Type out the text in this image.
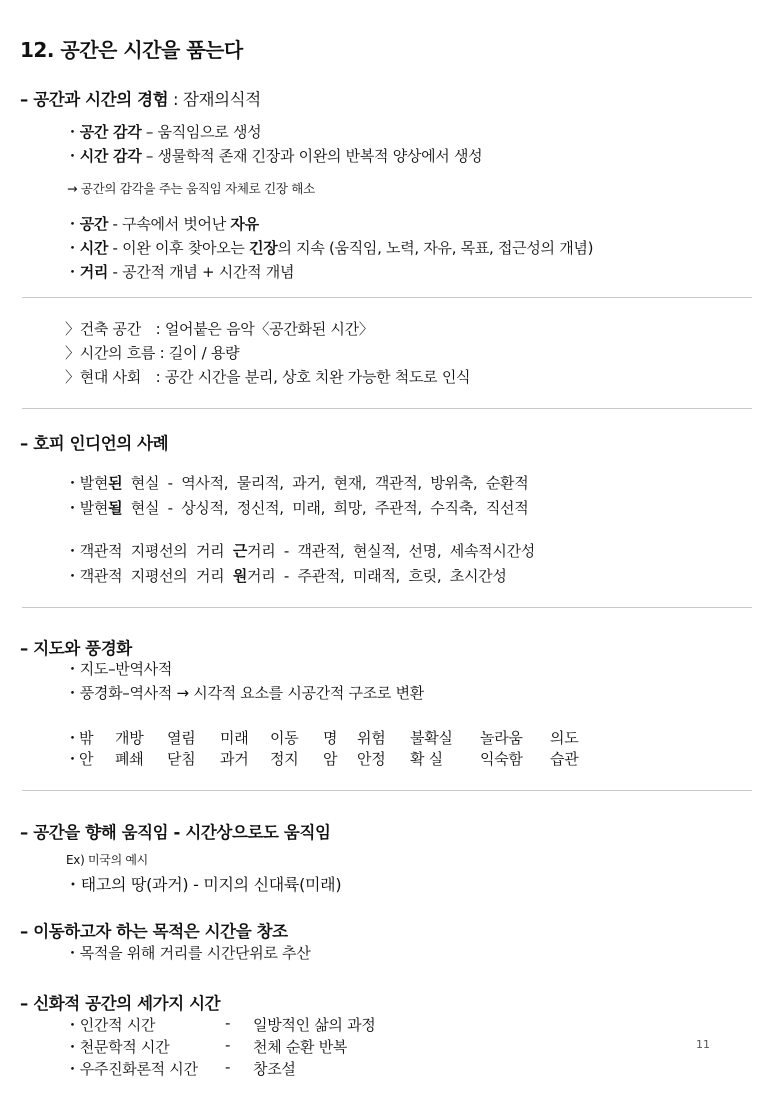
12. 공간은 시간을 품는다
– 공간과 시간의 경험 : 잠재의식적
・공간 감각 – 움직임으로 생성
・시간 감각 – 생물학적 존재 긴장과 이완의 반복적 양상에서 생성
→ 공간의 감각을 주는 움직임 자체로 긴장 해소
・공간 - 구속에서 벗어난 자유
・시간 - 이완 이후 찾아오는 긴장의 지속 (움직임, 노력, 자유, 목표, 접근성의 개념)
・거리 - 공간적 개념 + 시간적 개념
〉건축 공간　: 얼어붙은 음악〈공간화된 시간〉
〉시간의 흐름 : 길이 / 용량
〉현대 사회　: 공간 시간을 분리, 상호 치완 가능한 척도로 인식
– 호피 인디언의 사례
・발현된 현실 - 역사적, 물리적, 과거, 현재, 객관적, 방위축, 순환적
・발현될 현실 - 상싱적, 정신적, 미래, 희망, 주관적, 수직축, 직선적
・객관적 지평선의 거리 근거리 - 객관적, 현실적, 선명, 세속적시간성
・객관적 지평선의 거리 원거리 - 주관적, 미래적, 흐릿, 초시간성
– 지도와 풍경화
・지도–반역사적
・풍경화–역사적 → 시각적 요소를 시공간적 구조로 변환
・ 밖 개방 열림 미래 이동 명 위험 불확실 놀라움 의도
・ 안 폐쇄 닫침 과거 정지 암 안정 확 실 익숙함 습관
– 공간을 향해 움직임 - 시간상으로도 움직임
Ex) 미국의 예시
・태고의 땅(과거) - 미지의 신대륙(미래)
– 이동하고자 하는 목적은 시간을 창조
・목적을 위해 거리를 시간단위로 추산
– 신화적 공간의 세가지 시간
・인간적 시간	- 일방적인 삶의 과정
・천문학적 시간	- 천체 순환 반복
・우주진화론적 시간 - 창조설
11
